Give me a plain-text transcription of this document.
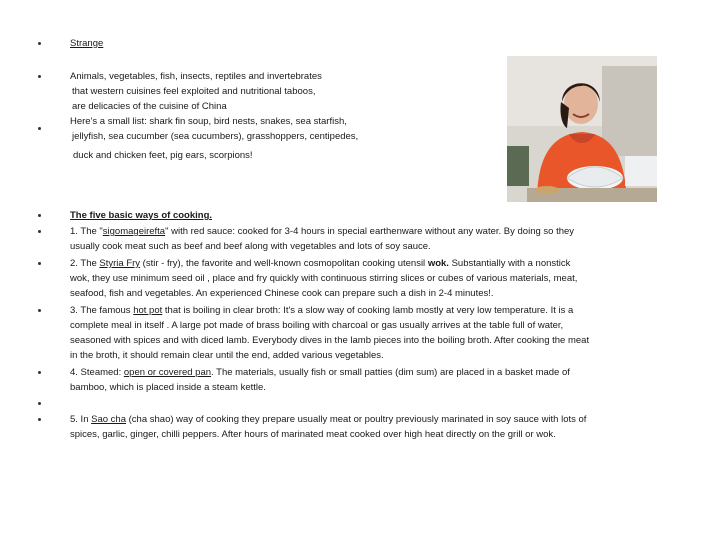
Strange

Animals, vegetables, fish, insects, reptiles and invertebrates

that western cuisines feel exploited and nutritional taboos,

are delicacies of the cuisine of China

Here's a small list: shark fin soup, bird nests, snakes, sea starfish,

jellyfish, sea cucumber (sea cucumbers), grasshoppers, centipedes,

duck and chicken feet, pig ears, scorpions!

The five basic ways of cooking.

1. The "sigomageirefta" with red sauce: cooked for 3-4 hours in special earthenware without any water. By doing so they

usually cook meat such as beef and beef along with vegetables and lots of soy sauce.

2. The Styria Fry (stir - fry), the favorite and well-known cosmopolitan cooking utensil wok. Substantially with a nonstick

wok, they use minimum seed oil , place and fry quickly with continuous stirring slices or cubes of various materials, meat,

seafood, fish and vegetables. An experienced Chinese cook can prepare such a dish in 2-4 minutes!.

3. The famous hot pot that is boiling in clear broth: It's a slow way of cooking lamb mostly at very low temperature. It is a

complete meal in itself . A large pot made of brass boiling with charcoal or gas usually arrives at the table full of water,

seasoned with spices and with diced lamb. Everybody dives in the lamb pieces into the boiling broth. After cooking the meat

in the broth, it should remain clear until the end, added various vegetables.

4. Steamed: open or covered pan. The materials, usually fish or small patties (dim sum) are placed in a basket made of

bamboo, which is placed inside a steam kettle.

5. In Sao cha (cha shao) way of cooking they prepare usually meat or poultry previously marinated in soy sauce with lots of

spices, garlic, ginger, chilli peppers. After hours of marinated meat cooked over high heat directly on the grill or wok.
